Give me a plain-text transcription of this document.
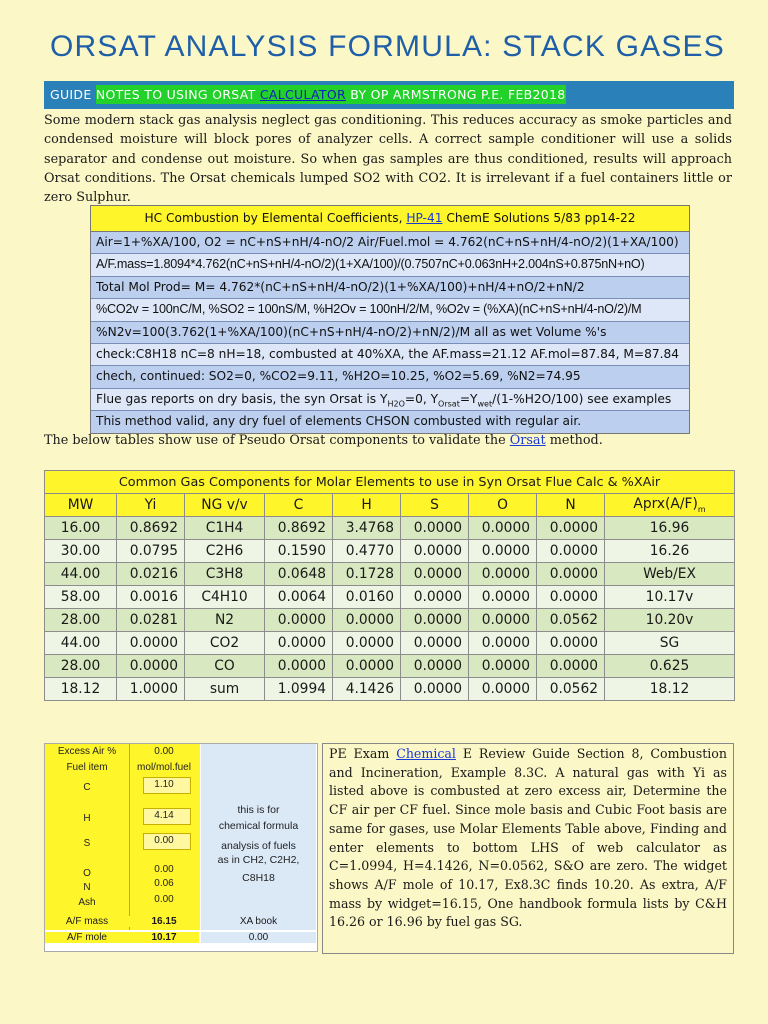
ORSAT ANALYSIS FORMULA: STACK GASES
GUIDE NOTES TO USING ORSAT CALCULATOR BY OP ARMSTRONG P.E. FEB2018
Some modern stack gas analysis neglect gas conditioning. This reduces accuracy as smoke particles and condensed moisture will block pores of analyzer cells. A correct sample conditioner will use a solids separator and condense out moisture. So when gas samples are thus conditioned, results will approach Orsat conditions. The Orsat chemicals lumped SO2 with CO2. It is irrelevant if a fuel containers little or zero Sulphur.
HC Combustion by Elemental Coefficients, HP-41 ChemE Solutions 5/83 pp14-22
Air=1+%XA/100, O2 = nC+nS+nH/4-nO/2 Air/Fuel.mol = 4.762(nC+nS+nH/4-nO/2)(1+XA/100)
A/F.mass=1.8094*4.762(nC+nS+nH/4-nO/2)(1+XA/100)/(0.7507nC+0.063nH+2.004nS+0.875nN+nO)
Total Mol Prod= M= 4.762*(nC+nS+nH/4-nO/2)(1+%XA/100)+nH/4+nO/2+nN/2
%CO2v = 100nC/M, %SO2 = 100nS/M, %H2Ov = 100nH/2/M, %O2v = (%XA)(nC+nS+nH/4-nO/2)/M
%N2v=100(3.762(1+%XA/100)(nC+nS+nH/4-nO/2)+nN/2)/M all as wet Volume %'s
check:C8H18 nC=8 nH=18, combusted at 40%XA, the AF.mass=21.12 AF.mol=87.84, M=87.84
chech, continued: SO2=0, %CO2=9.11, %H2O=10.25, %O2=5.69, %N2=74.95
Flue gas reports on dry basis, the syn Orsat is $Y_{H2O}=0$, $Y_{Orsat}=Y_{wet}/(1-\%H2O/100)$ see examples
This method valid, any dry fuel of elements CHSON combusted with regular air.
The below tables show use of Pseudo Orsat components to validate the Orsat method.
Common Gas Components for Molar Elements to use in Syn Orsat Flue Calc & %XAir								
MW	Yi	NG v/v	C	H	S	O	N	$Aprx(A/F)_m$
16.00	0.8692	C1H4	0.8692	3.4768	0.0000	0.0000	0.0000	16.96
30.00	0.0795	C2H6	0.1590	0.4770	0.0000	0.0000	0.0000	16.26
44.00	0.0216	C3H8	0.0648	0.1728	0.0000	0.0000	0.0000	Web/EX
58.00	0.0016	C4H10	0.0064	0.0160	0.0000	0.0000	0.0000	10.17v
28.00	0.0281	N2	0.0000	0.0000	0.0000	0.0000	0.0562	10.20v
44.00	0.0000	CO2	0.0000	0.0000	0.0000	0.0000	0.0000	SG
28.00	0.0000	CO	0.0000	0.0000	0.0000	0.0000	0.0000	0.625
18.12	1.0000	sum	1.0994	4.1426	0.0000	0.0000	0.0562	18.12
Excess Air %	0.00
Fuel item	mol/mol.fuel
C	1.10
H	4.14
S	0.00
O	0.00
N	0.06
Ash	0.00
this is for
chemical formula
analysis of fuels
as in CH2, C2H2,
C8H18
A/F mass	16.15	XA book
A/F mole	10.17	0.00
PE Exam Chemical E Review Guide Section 8, Combustion and Incineration, Example 8.3C. A natural gas with Yi as listed above is combusted at zero excess air, Determine the CF air per CF fuel. Since mole basis and Cubic Foot basis are same for gases, use Molar Elements Table above, Finding and enter elements to bottom LHS of web calculator as C=1.0994, H=4.1426, N=0.0562, S&O are zero. The widget shows A/F mole of 10.17, Ex8.3C finds 10.20. As extra, A/F mass by widget=16.15, One handbook formula lists by C&H 16.26 or 16.96 by fuel gas SG.
